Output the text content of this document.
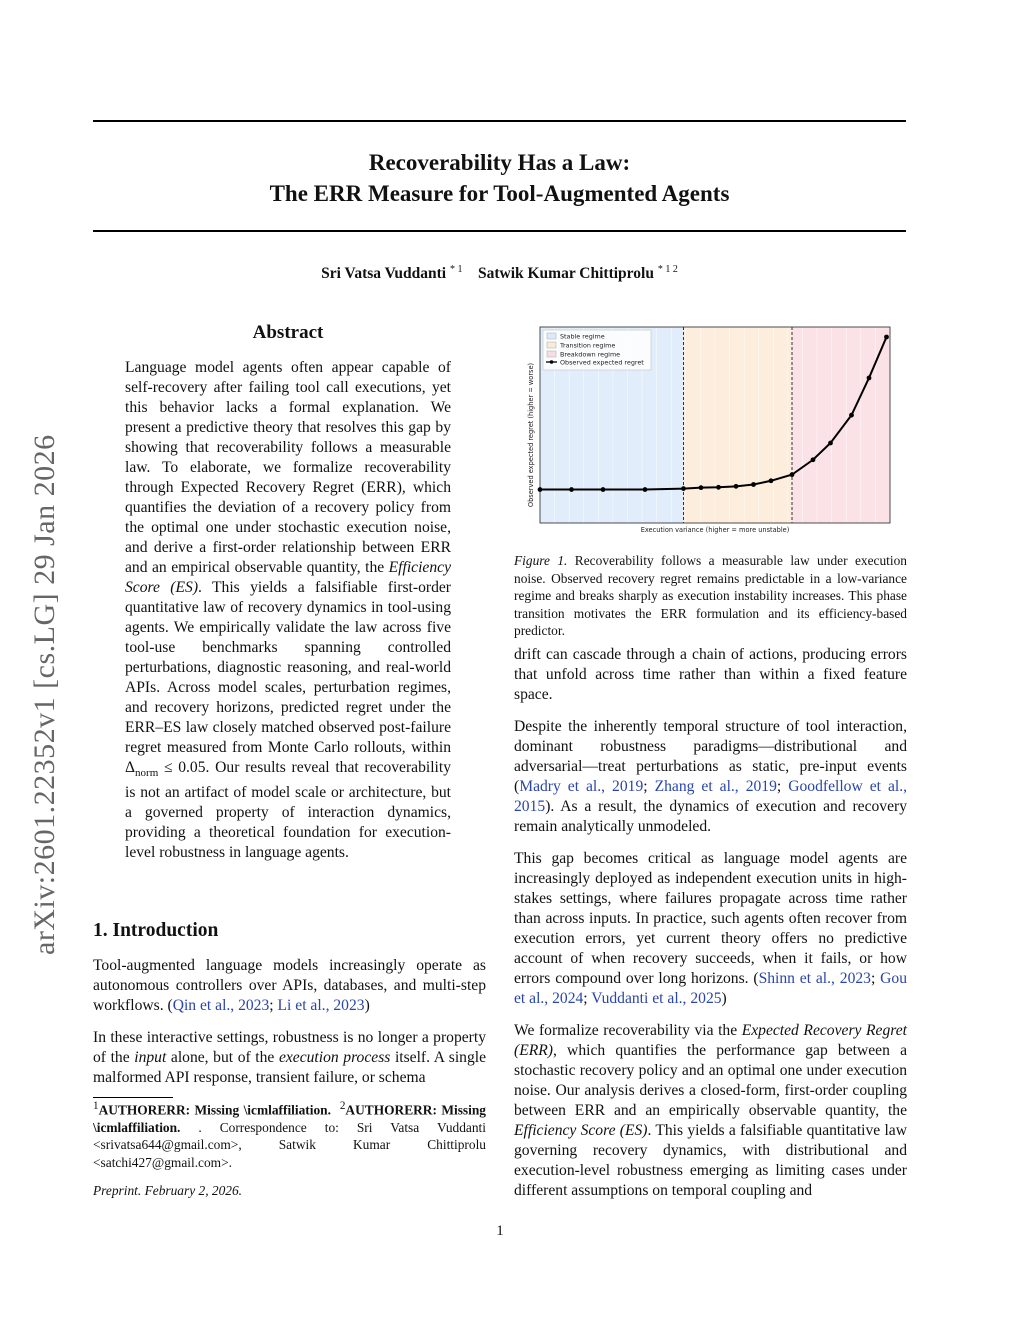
Recoverability Has a Law:
The ERR Measure for Tool-Augmented Agents
Sri Vatsa Vuddanti $^{* 1}$ Satwik Kumar Chittiprolu $^{* 1 2}$
arXiv:2601.22352v1 [cs.LG] 29 Jan 2026
Abstract
Language model agents often appear capable of self-recovery after failing tool call executions, yet this behavior lacks a formal explanation. We present a predictive theory that resolves this gap by showing that recoverability follows a measurable law. To elaborate, we formalize recoverability through Expected Recovery Regret (ERR), which quantifies the deviation of a recovery policy from the optimal one under stochastic execution noise, and derive a first-order relationship between ERR and an empirical observable quantity, the Efficiency Score (ES). This yields a falsifiable first-order quantitative law of recovery dynamics in tool-using agents. We empirically validate the law across five tool-use benchmarks spanning controlled perturbations, diagnostic reasoning, and real-world APIs. Across model scales, perturbation regimes, and recovery horizons, predicted regret under the ERR–ES law closely matched observed post-failure regret measured from Monte Carlo rollouts, within $\Delta_{norm} \le 0.05$. Our results reveal that recoverability is not an artifact of model scale or architecture, but a governed property of interaction dynamics, providing a theoretical foundation for execution-level robustness in language agents.
1. Introduction

Tool-augmented language models increasingly operate as autonomous controllers over APIs, databases, and multi-step workflows. (Qin et al., 2023; Li et al., 2023)

In these interactive settings, robustness is no longer a property of the input alone, but of the execution process itself. A single malformed API response, transient failure, or schema

$^1$AUTHORERR: Missing \icmlaffiliation. $^2$AUTHORERR: Missing \icmlaffiliation. . Correspondence to: Sri Vatsa Vuddanti <srivatsa644@gmail.com>, Satwik Kumar Chittiprolu <satchi427@gmail.com>.
Preprint. February 2, 2026.
Stable regime
Transition regime
Breakdown regime
Observed expected regret
Execution variance (higher = more unstable)
Observed expected regret (higher = worse)
Figure 1. Recoverability follows a measurable law under execution noise. Observed recovery regret remains predictable in a low-variance regime and breaks sharply as execution instability increases. This phase transition motivates the ERR formulation and its efficiency-based predictor.

drift can cascade through a chain of actions, producing errors that unfold across time rather than within a fixed feature space.

Despite the inherently temporal structure of tool interaction, dominant robustness paradigms—distributional and adversarial—treat perturbations as static, pre-input events (Madry et al., 2019; Zhang et al., 2019; Goodfellow et al., 2015). As a result, the dynamics of execution and recovery remain analytically unmodeled.

This gap becomes critical as language model agents are increasingly deployed as independent execution units in high-stakes settings, where failures propagate across time rather than across inputs. In practice, such agents often recover from execution errors, yet current theory offers no predictive account of when recovery succeeds, when it fails, or how errors compound over long horizons. (Shinn et al., 2023; Gou et al., 2024; Vuddanti et al., 2025)

We formalize recoverability via the Expected Recovery Regret (ERR), which quantifies the performance gap between a stochastic recovery policy and an optimal one under execution noise. Our analysis derives a closed-form, first-order coupling between ERR and an empirically observable quantity, the Efficiency Score (ES). This yields a falsifiable quantitative law governing recovery dynamics, with distributional and execution-level robustness emerging as limiting cases under different assumptions on temporal coupling and

1
